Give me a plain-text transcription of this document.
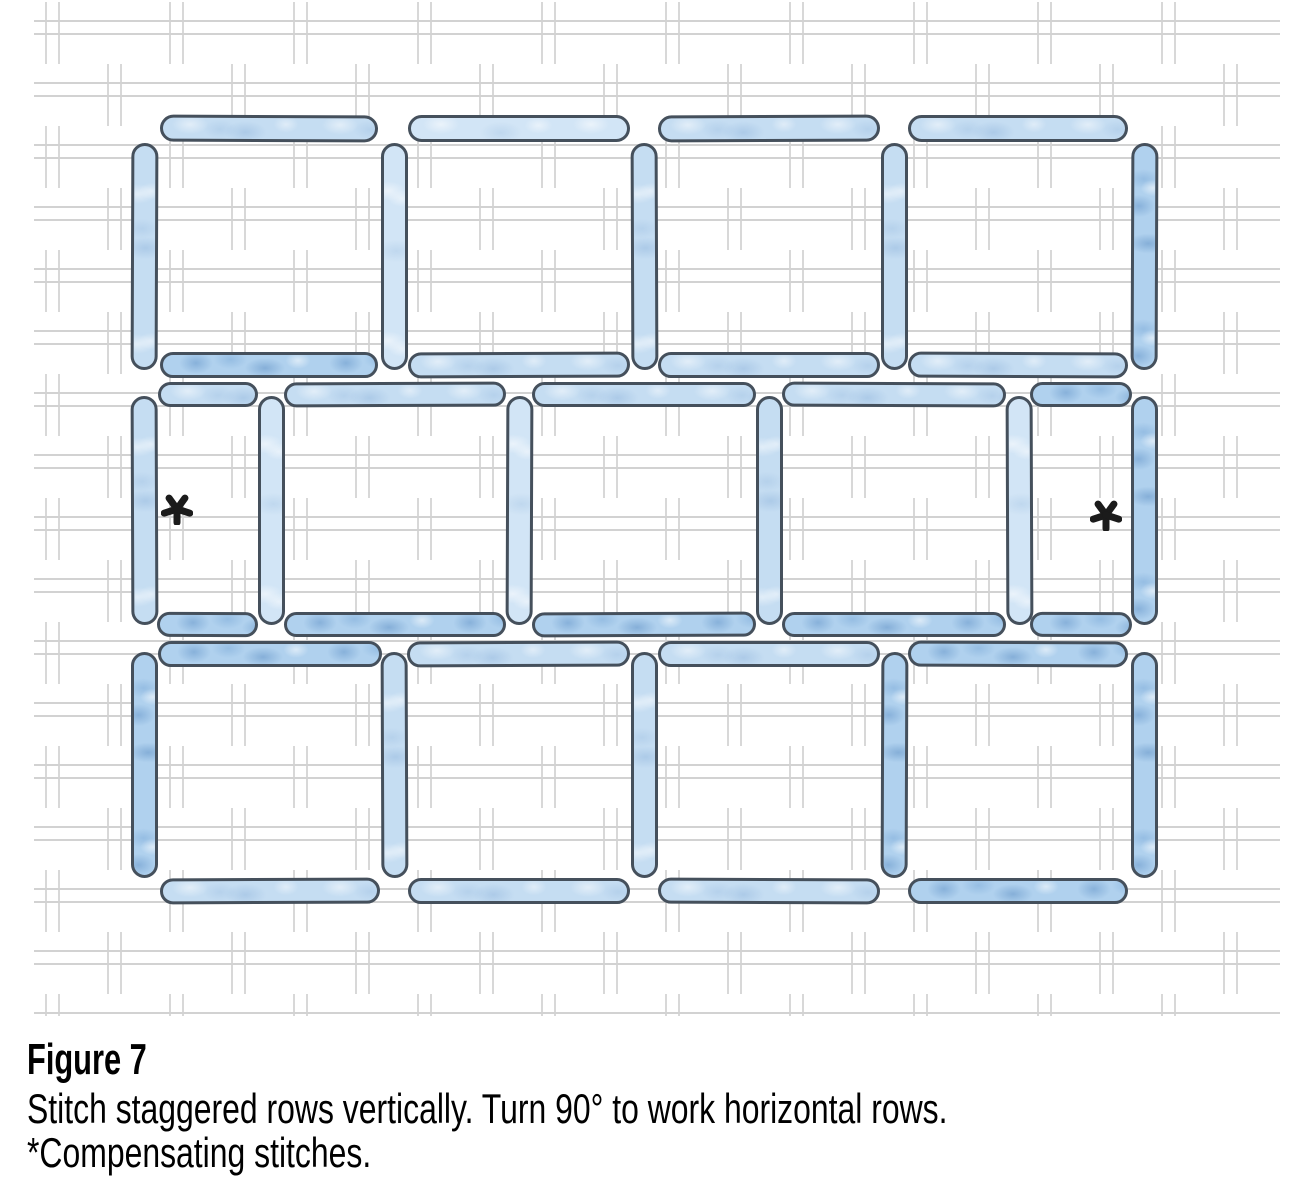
Figure 7
Stitch staggered rows vertically. Turn 90° to work horizontal rows.
*Compensating stitches.
